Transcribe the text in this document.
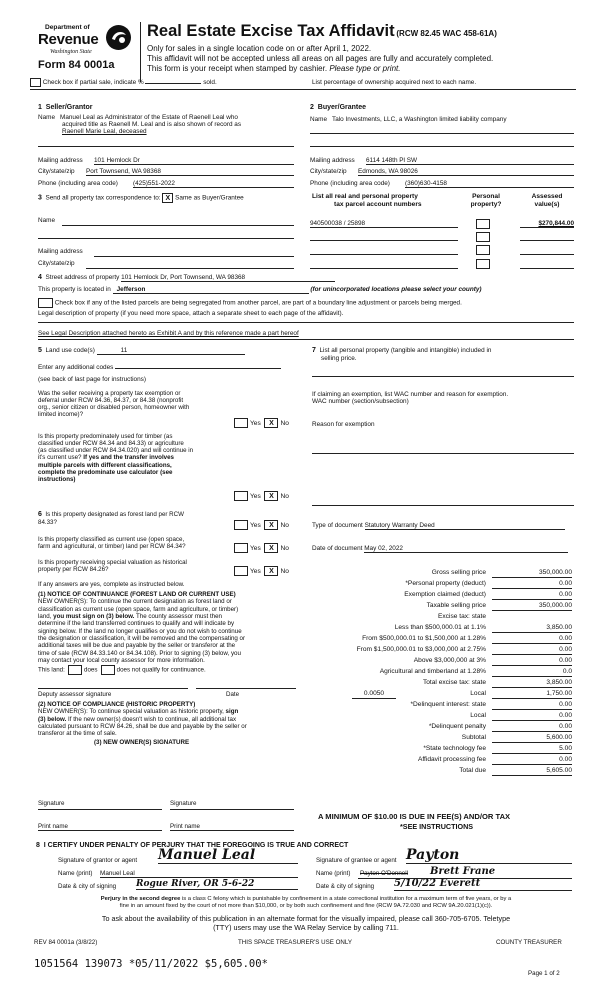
Department of
Revenue
Washington State
Form 84 0001a
Real Estate Excise Tax Affidavit (RCW 82.45 WAC 458-61A)
Only for sales in a single location code on or after April 1, 2022.
This affidavit will not be accepted unless all areas on all pages are fully and accurately completed.
This form is your receipt when stamped by cashier. Please type or print.
Check box if partial sale, indicate %	sold.	List percentage of ownership acquired next to each name.
1  Seller/Grantor
Name Manuel Leal as Administrator of the Estate of Raenell Leal who
acquired title as Raenell M. Leal and is also shown of record as
Raenell Marie Leal, deceased
Mailing address 101 Hemlock Dr
City/state/zip Port Townsend, WA 98368
Phone (including area code) (425)551-2022
2  Buyer/Grantee
Name Talo Investments, LLC, a Washington limited liability company
Mailing address 6114 148th Pl SW
City/state/zip Edmonds, WA 98026
Phone (including area code) (360)630-4158
3 Send all property tax correspondence to: X Same as Buyer/Grantee
Name
Mailing address
City/state/zip
List all real and personal property
tax parcel account numbers
Personal
property?
Assessed
value(s)
940500038 / 25898	$270,844.00
4 Street address of property 101 Hemlock Dr, Port Townsend, WA 98368
This property is located in Jefferson	(for unincorporated locations please select your county)
Check box if any of the listed parcels are being segregated from another parcel, are part of a boundary line adjustment or parcels being merged.
Legal description of property (if you need more space, attach a separate sheet to each page of the affidavit).
See Legal Description attached hereto as Exhibit A and by this reference made a part hereof
5 Land use code(s)	11
Enter any additional codes
(see back of last page for instructions)
Was the seller receiving a property tax exemption or
deferral under RCW 84.36, 84.37, or 84.38 (nonprofit
org., senior citizen or disabled person, homeowner with
limited income)?
Yes X No
Is this property predominately used for timber (as
classified under RCW 84.34 and 84.33) or agriculture
(as classified under RCW 84.34.020) and will continue in
it's current use? If yes and the transfer involves
multiple parcels with different classifications,
complete the predominate use calculator (see
instructions)
Yes X No
6 Is this property designated as forest land per RCW
84.33?	Yes X No
Is this property classified as current use (open space,
farm and agricultural, or timber) land per RCW 84.34?	Yes X No
Is this property receiving special valuation as historical
property per RCW 84.26?	Yes X No
If any answers are yes, complete as instructed below.
(1) NOTICE OF CONTINUANCE (FOREST LAND OR CURRENT USE)
NEW OWNER(S): To continue the current designation as forest land or
classification as current use (open space, farm and agriculture, or timber)
land, you must sign on (3) below. The county assessor must then
determine if the land transferred continues to qualify and will indicate by
signing below. If the land no longer qualifies or you do not wish to continue
the designation or classification, it will be removed and the compensating or
additional taxes will be due and payable by the seller or transferor at the
time of sale (RCW 84.33.140 or 84.34.108). Prior to signing (3) below, you
may contact your local county assessor for more information.
This land:	does	does not qualify for continuance.
Deputy assessor signature	Date
(2) NOTICE OF COMPLIANCE (HISTORIC PROPERTY)
NEW OWNER(S): To continue special valuation as historic property, sign
(3) below. If the new owner(s) doesn't wish to continue, all additional tax
calculated pursuant to RCW 84.26, shall be due and payable by the seller or
transferor at the time of sale.
(3) NEW OWNER(S) SIGNATURE
Signature	Signature
Print name	Print name
7 List all personal property (tangible and intangible) included in
selling price.
If claiming an exemption, list WAC number and reason for exemption.
WAC number (section/subsection)
Reason for exemption
Type of document Statutory Warranty Deed
Date of document May 02, 2022
Gross selling price	350,000.00
*Personal property (deduct)	0.00
Exemption claimed (deduct)	0.00
Taxable selling price	350,000.00
Excise tax: state
Less than $500,000.01 at 1.1%	3,850.00
From $500,000.01 to $1,500,000 at 1.28%	0.00
From $1,500,000.01 to $3,000,000 at 2.75%	0.00
Above $3,000,000 at 3%	0.00
Agricultural and timberland at 1.28%	0.0
Total excise tax: state	3,850.00
0.0050	Local	1,750.00
*Delinquent interest: state	0.00
Local	0.00
*Delinquent penalty	0.00
Subtotal	5,600.00
*State technology fee	5.00
Affidavit processing fee	0.00
Total due	5,605.00
A MINIMUM OF $10.00 IS DUE IN FEE(S) AND/OR TAX
*SEE INSTRUCTIONS
8  I CERTIFY UNDER PENALTY OF PERJURY THAT THE FOREGOING IS TRUE AND CORRECT
Signature of grantor or agent Manuel Leal
Name (print) Manuel Leal
Date & city of signing Rogue River, OR 5-6-22
Signature of grantee or agent Payton
Name (print) Payton O'Donnell Brett Frane
Date & city of signing 5/10/22 Everett
Perjury in the second degree is a class C felony which is punishable by confinement in a state correctional institution for a maximum term of five years, or by a
fine in an amount fixed by the court of not more than $10,000, or by both such confinement and fine (RCW 9A.72.030 and RCW 9A.20.021(1)(c)).
To ask about the availability of this publication in an alternate format for the visually impaired, please call 360-705-6705. Teletype
(TTY) users may use the WA Relay Service by calling 711.
REV 84 0001a (3/8/22)	THIS SPACE TREASURER'S USE ONLY	COUNTY TREASURER
1051564 139073 *05/11/2022 $5,605.00*
Page 1 of 2
